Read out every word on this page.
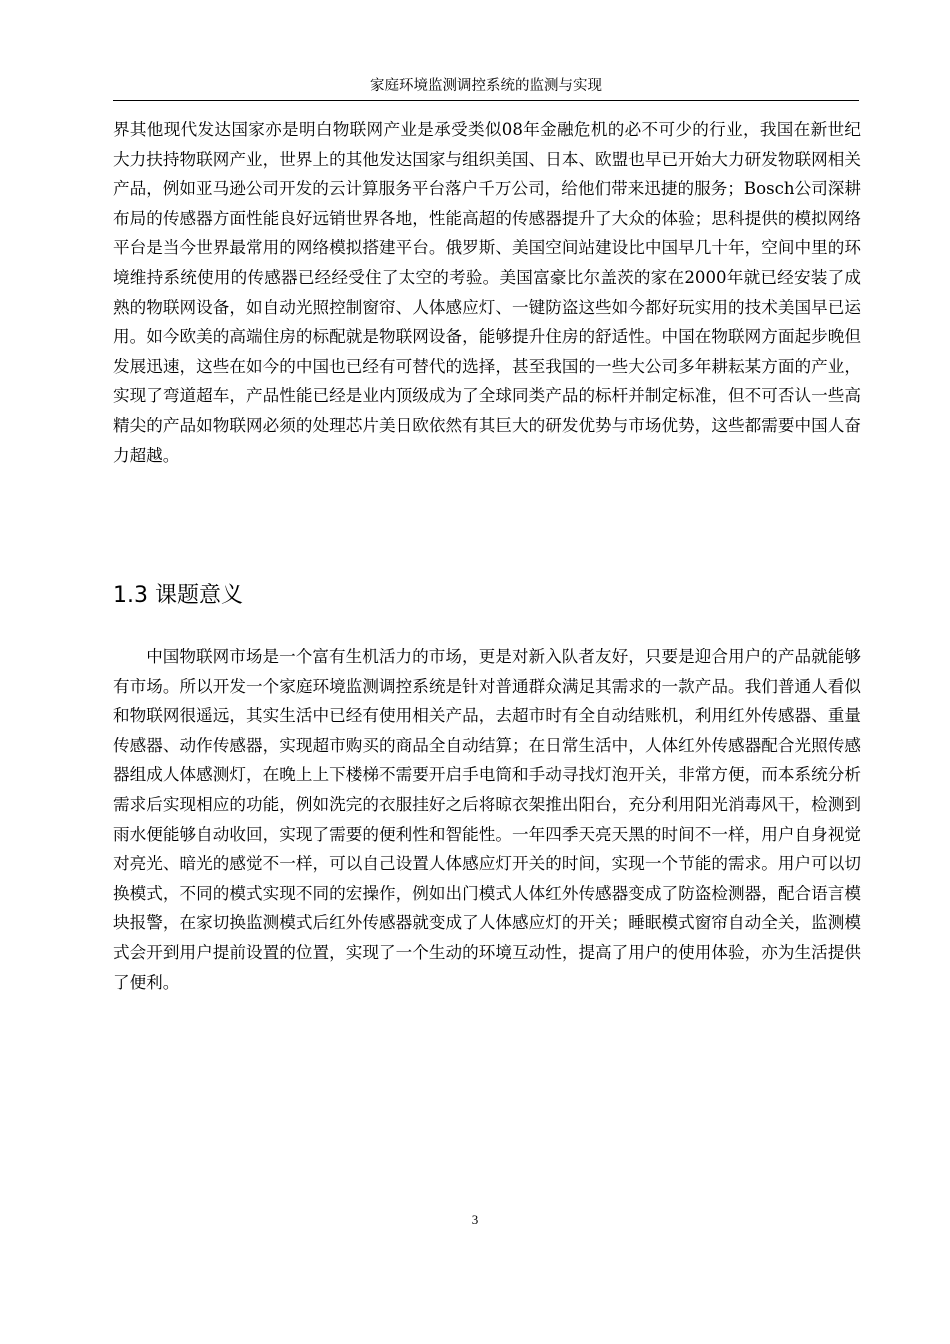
家庭环境监测调控系统的监测与实现

界其他现代发达国家亦是明白物联网产业是承受类似08年金融危机的必不可少的行业，我国在新世纪大力扶持物联网产业，世界上的其他发达国家与组织美国、日本、欧盟也早已开始大力研发物联网相关产品，例如亚马逊公司开发的云计算服务平台落户千万公司，给他们带来迅捷的服务；Bosch公司深耕布局的传感器方面性能良好远销世界各地，性能高超的传感器提升了大众的体验；思科提供的模拟网络平台是当今世界最常用的网络模拟搭建平台。俄罗斯、美国空间站建设比中国早几十年，空间中里的环境维持系统使用的传感器已经经受住了太空的考验。美国富豪比尔盖茨的家在2000年就已经安装了成熟的物联网设备，如自动光照控制窗帘、人体感应灯、一键防盗这些如今都好玩实用的技术美国早已运用。如今欧美的高端住房的标配就是物联网设备，能够提升住房的舒适性。中国在物联网方面起步晚但发展迅速，这些在如今的中国也已经有可替代的选择，甚至我国的一些大公司多年耕耘某方面的产业，实现了弯道超车，产品性能已经是业内顶级成为了全球同类产品的标杆并制定标准，但不可否认一些高精尖的产品如物联网必须的处理芯片美日欧依然有其巨大的研发优势与市场优势，这些都需要中国人奋力超越。

1.3 课题意义

中国物联网市场是一个富有生机活力的市场，更是对新入队者友好，只要是迎合用户的产品就能够有市场。所以开发一个家庭环境监测调控系统是针对普通群众满足其需求的一款产品。我们普通人看似和物联网很遥远，其实生活中已经有使用相关产品，去超市时有全自动结账机，利用红外传感器、重量传感器、动作传感器，实现超市购买的商品全自动结算；在日常生活中，人体红外传感器配合光照传感器组成人体感测灯，在晚上上下楼梯不需要开启手电筒和手动寻找灯泡开关，非常方便，而本系统分析需求后实现相应的功能，例如洗完的衣服挂好之后将晾衣架推出阳台，充分利用阳光消毒风干，检测到雨水便能够自动收回，实现了需要的便利性和智能性。一年四季天亮天黑的时间不一样，用户自身视觉对亮光、暗光的感觉不一样，可以自己设置人体感应灯开关的时间，实现一个节能的需求。用户可以切换模式，不同的模式实现不同的宏操作，例如出门模式人体红外传感器变成了防盗检测器，配合语言模块报警，在家切换监测模式后红外传感器就变成了人体感应灯的开关；睡眠模式窗帘自动全关，监测模式会开到用户提前设置的位置，实现了一个生动的环境互动性，提高了用户的使用体验，亦为生活提供了便利。

3
